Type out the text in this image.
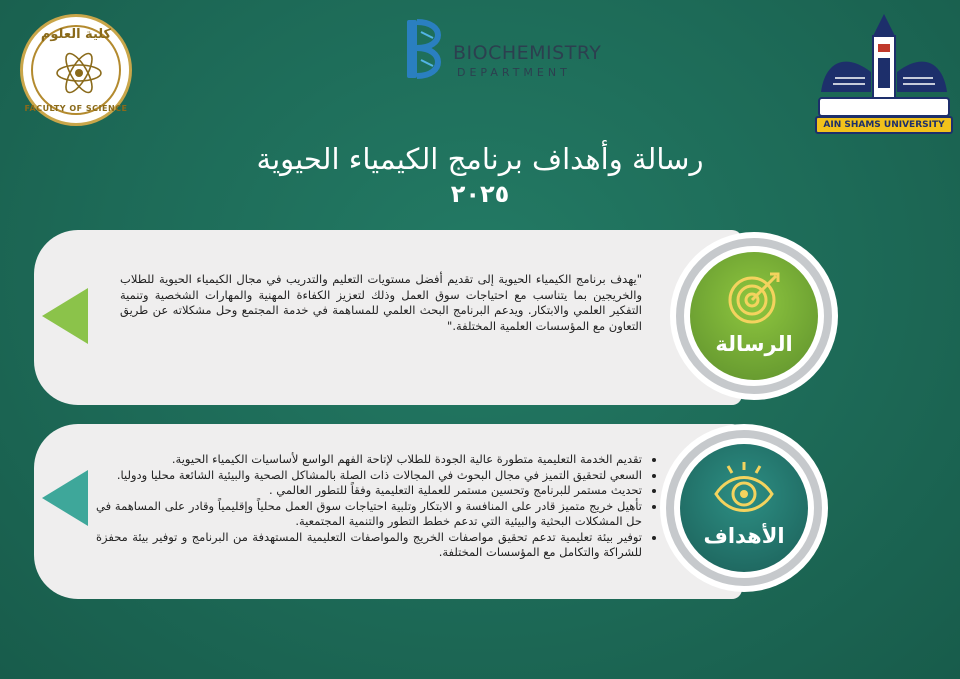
كلية العلوم
FACULTY OF SCIENCE
BIOCHEMISTRY
DEPARTMENT
AIN SHAMS UNIVERSITY
رسالة وأهداف برنامج الكيمياء الحيوية
٢٠٢٥
"يهدف برنامج الكيمياء الحيوية إلى تقديم أفضل مستويات التعليم والتدريب في مجال الكيمياء الحيوية للطلاب والخريجين بما يتناسب مع احتياجات سوق العمل وذلك لتعزيز الكفاءة المهنية والمهارات الشخصية وتنمية التفكير العلمي والابتكار. ويدعم البرنامج البحث العلمي للمساهمة في خدمة المجتمع وحل مشكلاته عن طريق التعاون مع المؤسسات العلمية المختلفة."
الرسالة
• تقديم الخدمة التعليمية متطورة عالية الجودة للطلاب لإتاحة الفهم الواسع لأساسيات الكيمياء الحيوية.
• السعي لتحقيق التميز في مجال البحوث في المجالات ذات الصلة بالمشاكل الصحية والبيئية الشائعة محليا ودوليا.
• تحديث مستمر للبرنامج وتحسين مستمر للعملية التعليمية وفقاً للتطور العالمي .
• تأهيل خريج متميز قادر على المنافسة و الابتكار وتلبية احتياجات سوق العمل محلياً وإقليمياً وقادر على المساهمة في حل المشكلات البحثية والبيئية التي تدعم خطط التطور والتنمية المجتمعية.
• توفير بيئة تعليمية تدعم تحقيق مواصفات الخريج والمواصفات التعليمية المستهدفة من البرنامج و توفير بيئة محفزة للشراكة والتكامل مع المؤسسات المختلفة.
الأهداف
